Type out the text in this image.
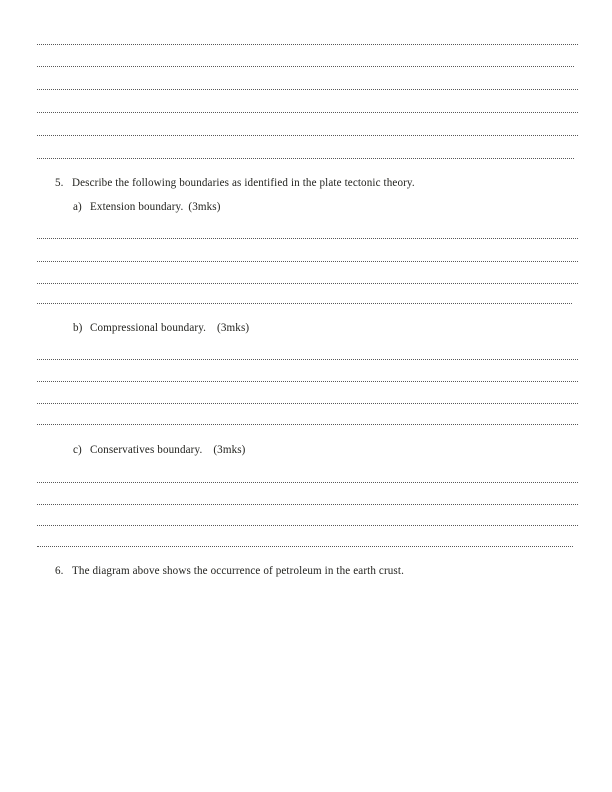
5. Describe the following boundaries as identified in the plate tectonic theory.
a) Extension boundary. (3mks)
b) Compressional boundary. (3mks)
c) Conservatives boundary. (3mks)
6. The diagram above shows the occurrence of petroleum in the earth crust.
